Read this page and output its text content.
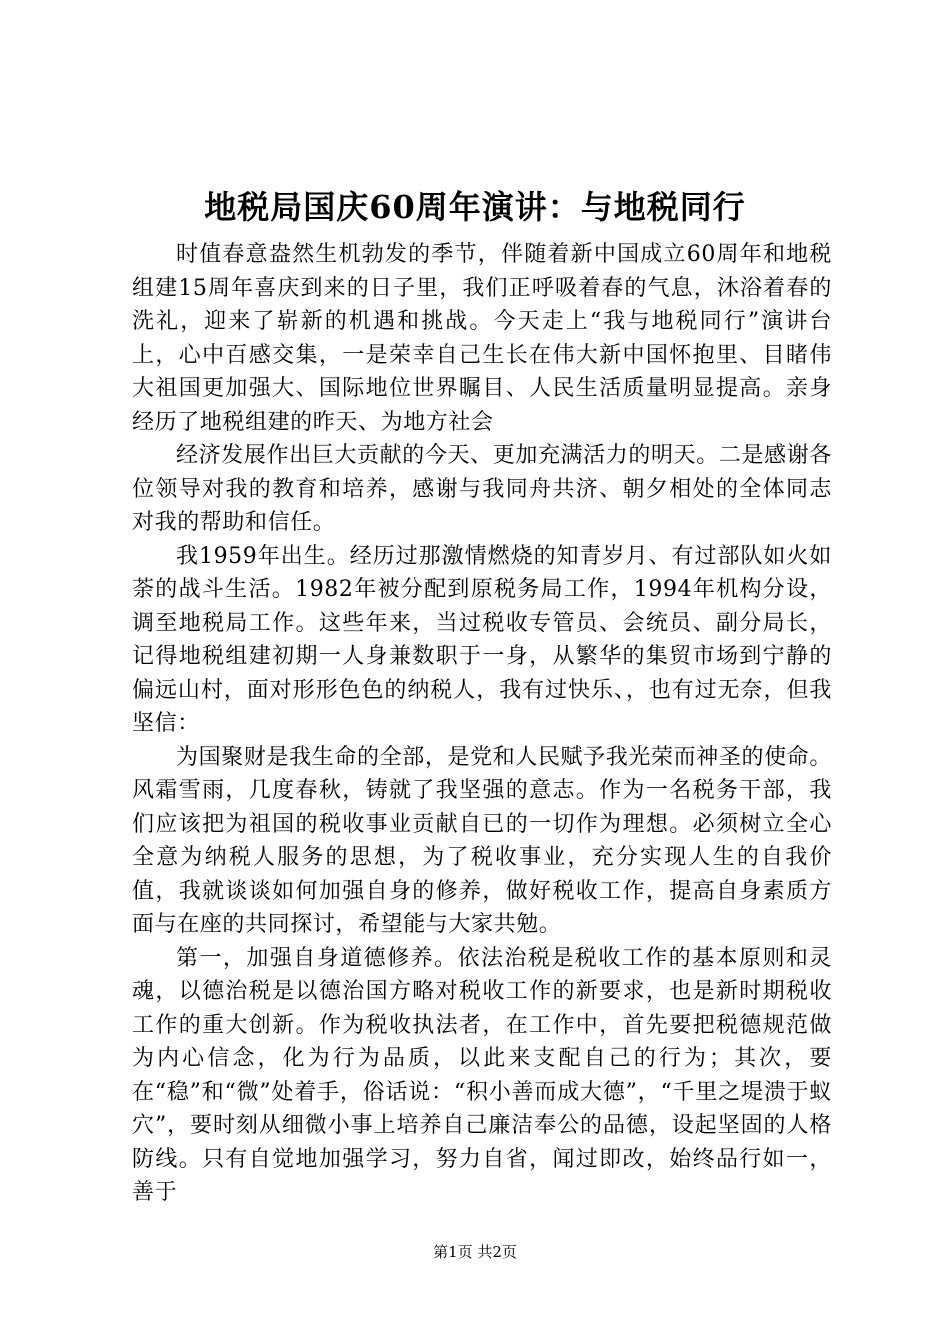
地税局国庆60周年演讲：与地税同行

时值春意盎然生机勃发的季节，伴随着新中国成立60周年和地税组建15周年喜庆到来的日子里，我们正呼吸着春的气息，沐浴着春的洗礼，迎来了崭新的机遇和挑战。今天走上“我与地税同行”演讲台上，心中百感交集，一是荣幸自己生长在伟大新中国怀抱里、目睹伟大祖国更加强大、国际地位世界瞩目、人民生活质量明显提高。亲身经历了地税组建的昨天、为地方社会

经济发展作出巨大贡献的今天、更加充满活力的明天。二是感谢各位领导对我的教育和培养，感谢与我同舟共济、朝夕相处的全体同志对我的帮助和信任。

我1959年出生。经历过那激情燃烧的知青岁月、有过部队如火如荼的战斗生活。1982年被分配到原税务局工作，1994年机构分设，调至地税局工作。这些年来，当过税收专管员、会统员、副分局长，记得地税组建初期一人身兼数职于一身，从繁华的集贸市场到宁静的偏远山村，面对形形色色的纳税人，我有过快乐、，也有过无奈，但我坚信：

为国聚财是我生命的全部，是党和人民赋予我光荣而神圣的使命。风霜雪雨，几度春秋，铸就了我坚强的意志。作为一名税务干部，我们应该把为祖国的税收事业贡献自已的一切作为理想。必须树立全心全意为纳税人服务的思想，为了税收事业，充分实现人生的自我价值，我就谈谈如何加强自身的修养，做好税收工作，提高自身素质方面与在座的共同探讨，希望能与大家共勉。

第一，加强自身道德修养。依法治税是税收工作的基本原则和灵魂，以德治税是以德治国方略对税收工作的新要求，也是新时期税收工作的重大创新。作为税收执法者，在工作中，首先要把税德规范做为内心信念，化为行为品质，以此来支配自己的行为；其次，要在“稳”和“微”处着手，俗话说：“积小善而成大德”，“千里之堤溃于蚁穴”，要时刻从细微小事上培养自己廉洁奉公的品德，设起坚固的人格防线。只有自觉地加强学习，努力自省，闻过即改，始终品行如一，善于

第1页 共2页
